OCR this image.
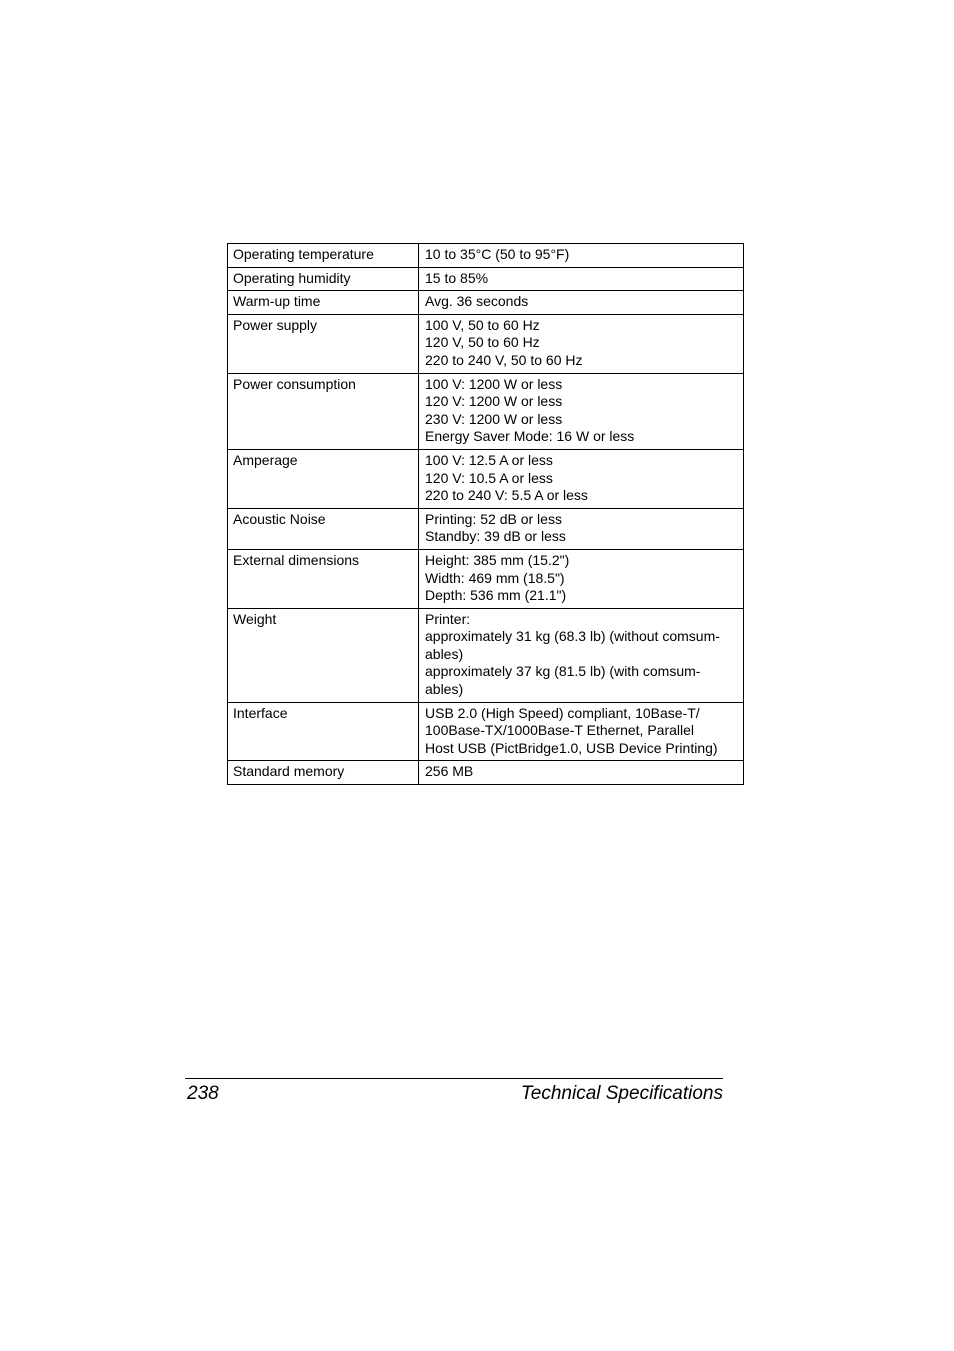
Operating temperature	10 to 35°C (50 to 95°F)

Operating humidity	15 to 85%

Warm-up time	Avg. 36 seconds

Power supply	100 V, 50 to 60 Hz
120 V, 50 to 60 Hz
220 to 240 V, 50 to 60 Hz

Power consumption	100 V: 1200 W or less
120 V: 1200 W or less
230 V: 1200 W or less
Energy Saver Mode: 16 W or less

Amperage	100 V: 12.5 A or less
120 V: 10.5 A or less
220 to 240 V: 5.5 A or less

Acoustic Noise	Printing: 52 dB or less
Standby: 39 dB or less

External dimensions	Height: 385 mm (15.2")
Width: 469 mm (18.5")
Depth: 536 mm (21.1")

Weight	Printer:
approximately 31 kg (68.3 lb) (without comsum-
ables)
approximately 37 kg (81.5 lb) (with comsum-
ables)

Interface	USB 2.0 (High Speed) compliant, 10Base-T/
100Base-TX/1000Base-T Ethernet, Parallel
Host USB (PictBridge1.0, USB Device Printing)

Standard memory	256 MB
238	Technical Specifications
